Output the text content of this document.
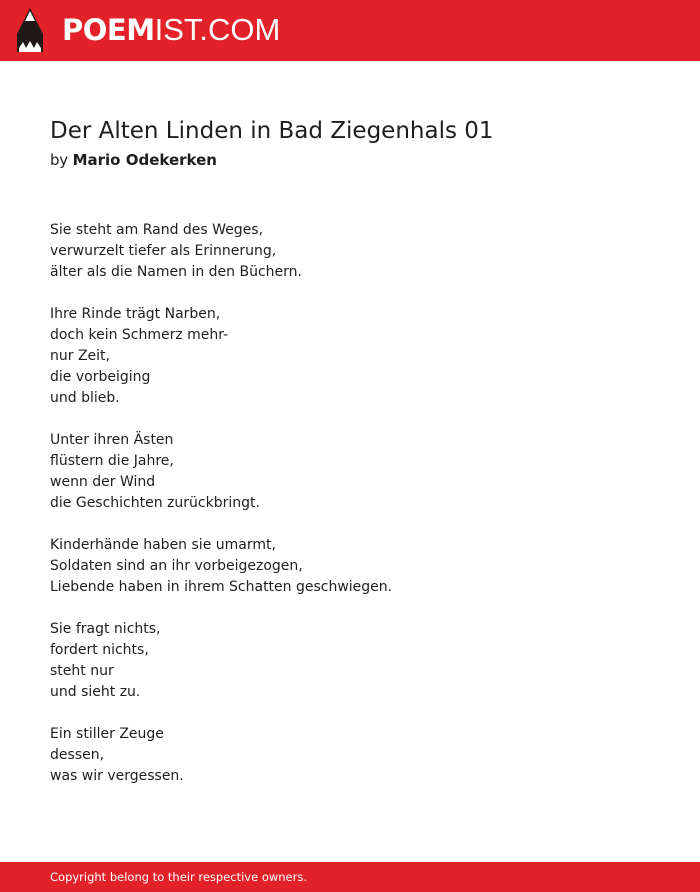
POEMIST.COM
Der Alten Linden in Bad Ziegenhals 01
by Mario Odekerken
Sie steht am Rand des Weges,
verwurzelt tiefer als Erinnerung,
älter als die Namen in den Büchern.
Ihre Rinde trägt Narben,
doch kein Schmerz mehr-
nur Zeit,
die vorbeiging
und blieb.
Unter ihren Ästen
flüstern die Jahre,
wenn der Wind
die Geschichten zurückbringt.
Kinderhände haben sie umarmt,
Soldaten sind an ihr vorbeigezogen,
Liebende haben in ihrem Schatten geschwiegen.
Sie fragt nichts,
fordert nichts,
steht nur
und sieht zu.
Ein stiller Zeuge
dessen,
was wir vergessen.
Copyright belong to their respective owners.
